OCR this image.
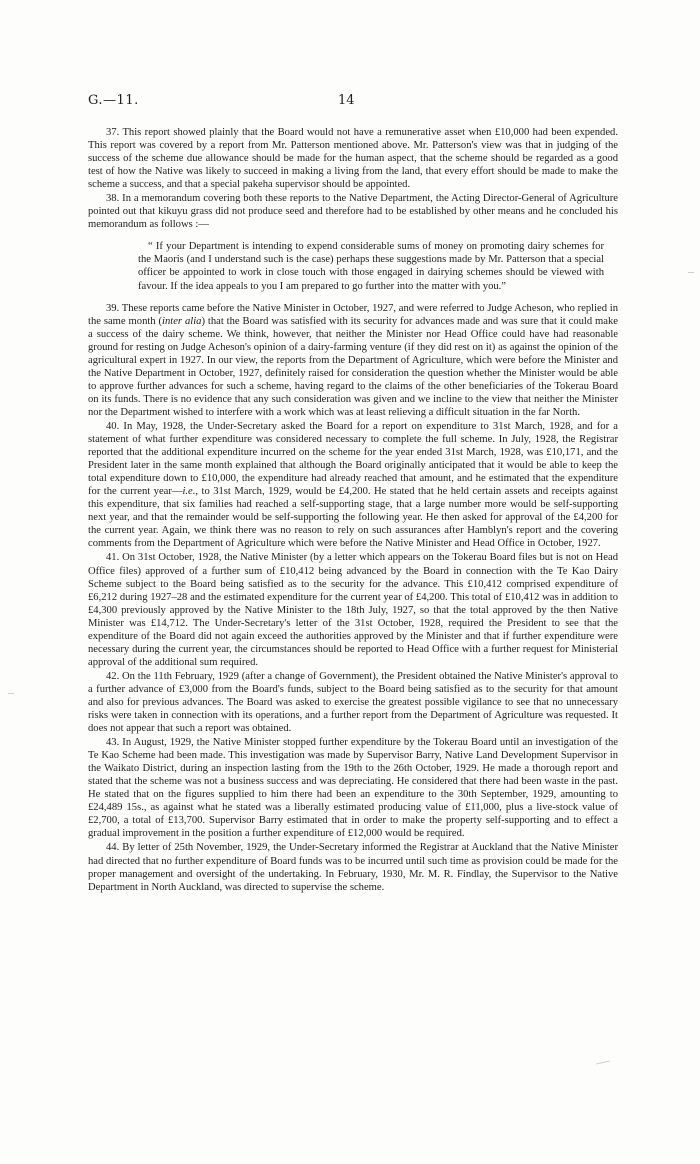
G.—11.	14

37. This report showed plainly that the Board would not have a remunerative asset when £10,000 had been expended. This report was covered by a report from Mr. Patterson mentioned above. Mr. Patterson's view was that in judging of the success of the scheme due allowance should be made for the human aspect, that the scheme should be regarded as a good test of how the Native was likely to succeed in making a living from the land, that every effort should be made to make the scheme a success, and that a special pakeha supervisor should be appointed.

38. In a memorandum covering both these reports to the Native Department, the Acting Director-General of Agriculture pointed out that kikuyu grass did not produce seed and therefore had to be established by other means and he concluded his memorandum as follows :—

“ If your Department is intending to expend considerable sums of money on promoting dairy schemes for the Maoris (and I understand such is the case) perhaps these suggestions made by Mr. Patterson that a special officer be appointed to work in close touch with those engaged in dairying schemes should be viewed with favour. If the idea appeals to you I am prepared to go further into the matter with you.”

39. These reports came before the Native Minister in October, 1927, and were referred to Judge Acheson, who replied in the same month (inter alia) that the Board was satisfied with its security for advances made and was sure that it could make a success of the dairy scheme. We think, however, that neither the Minister nor Head Office could have had reasonable ground for resting on Judge Acheson's opinion of a dairy-farming venture (if they did rest on it) as against the opinion of the agricultural expert in 1927. In our view, the reports from the Department of Agriculture, which were before the Minister and the Native Department in October, 1927, definitely raised for consideration the question whether the Minister would be able to approve further advances for such a scheme, having regard to the claims of the other beneficiaries of the Tokerau Board on its funds. There is no evidence that any such consideration was given and we incline to the view that neither the Minister nor the Department wished to interfere with a work which was at least relieving a difficult situation in the far North.

40. In May, 1928, the Under-Secretary asked the Board for a report on expenditure to 31st March, 1928, and for a statement of what further expenditure was considered necessary to complete the full scheme. In July, 1928, the Registrar reported that the additional expenditure incurred on the scheme for the year ended 31st March, 1928, was £10,171, and the President later in the same month explained that although the Board originally anticipated that it would be able to keep the total expenditure down to £10,000, the expenditure had already reached that amount, and he estimated that the expenditure for the current year—i.e., to 31st March, 1929, would be £4,200. He stated that he held certain assets and receipts against this expenditure, that six families had reached a self-supporting stage, that a large number more would be self-supporting next year, and that the remainder would be self-supporting the following year. He then asked for approval of the £4,200 for the current year. Again, we think there was no reason to rely on such assurances after Hamblyn's report and the covering comments from the Department of Agriculture which were before the Native Minister and Head Office in October, 1927.

41. On 31st October, 1928, the Native Minister (by a letter which appears on the Tokerau Board files but is not on Head Office files) approved of a further sum of £10,412 being advanced by the Board in connection with the Te Kao Dairy Scheme subject to the Board being satisfied as to the security for the advance. This £10,412 comprised expenditure of £6,212 during 1927–28 and the estimated expenditure for the current year of £4,200. This total of £10,412 was in addition to £4,300 previously approved by the Native Minister to the 18th July, 1927, so that the total approved by the then Native Minister was £14,712. The Under-Secretary's letter of the 31st October, 1928, required the President to see that the expenditure of the Board did not again exceed the authorities approved by the Minister and that if further expenditure were necessary during the current year, the circumstances should be reported to Head Office with a further request for Ministerial approval of the additional sum required.

42. On the 11th February, 1929 (after a change of Government), the President obtained the Native Minister's approval to a further advance of £3,000 from the Board's funds, subject to the Board being satisfied as to the security for that amount and also for previous advances. The Board was asked to exercise the greatest possible vigilance to see that no unnecessary risks were taken in connection with its operations, and a further report from the Department of Agriculture was requested. It does not appear that such a report was obtained.

43. In August, 1929, the Native Minister stopped further expenditure by the Tokerau Board until an investigation of the Te Kao Scheme had been made. This investigation was made by Supervisor Barry, Native Land Development Supervisor in the Waikato District, during an inspection lasting from the 19th to the 26th October, 1929. He made a thorough report and stated that the scheme was not a business success and was depreciating. He considered that there had been waste in the past. He stated that on the figures supplied to him there had been an expenditure to the 30th September, 1929, amounting to £24,489 15s., as against what he stated was a liberally estimated producing value of £11,000, plus a live-stock value of £2,700, a total of £13,700. Supervisor Barry estimated that in order to make the property self-supporting and to effect a gradual improvement in the position a further expenditure of £12,000 would be required.

44. By letter of 25th November, 1929, the Under-Secretary informed the Registrar at Auckland that the Native Minister had directed that no further expenditure of Board funds was to be incurred until such time as provision could be made for the proper management and oversight of the undertaking. In February, 1930, Mr. M. R. Findlay, the Supervisor to the Native Department in North Auckland, was directed to supervise the scheme.
